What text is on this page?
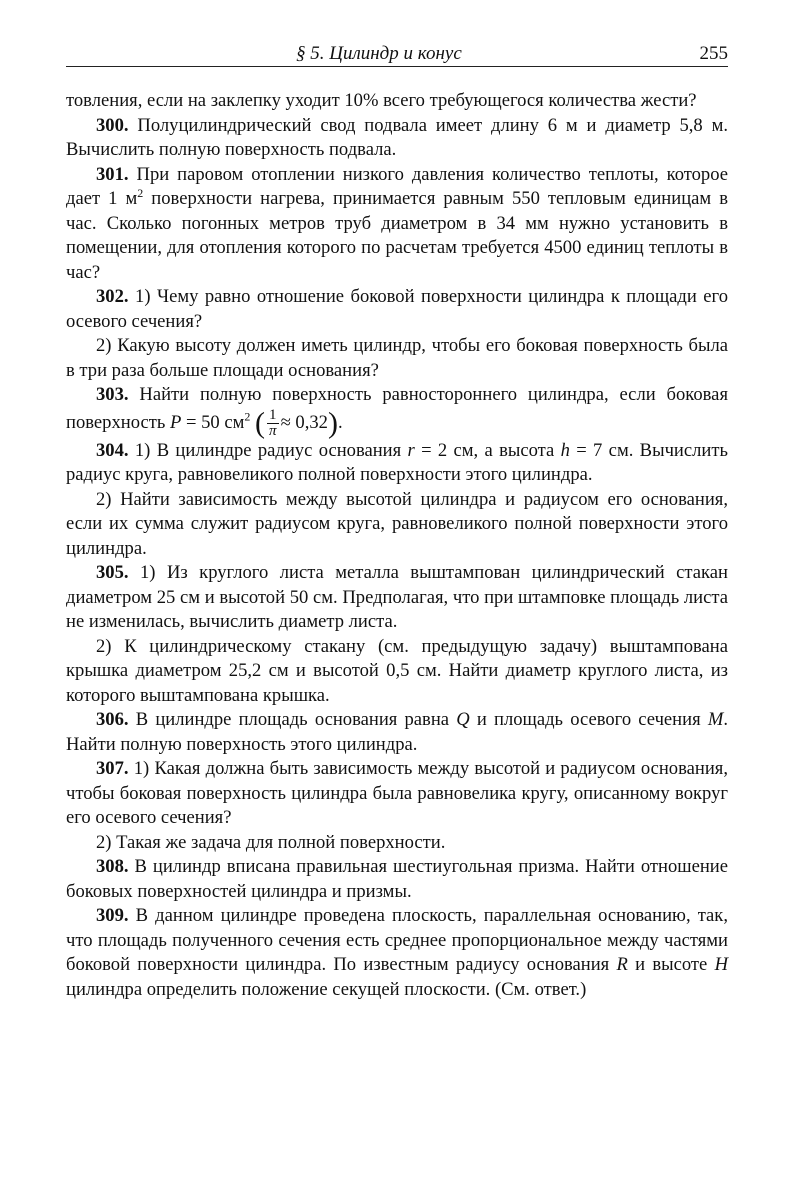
§ 5. Цилиндр и конус	255

товления, если на заклепку уходит 10% всего требующегося количества жести?

300. Полуцилиндрический свод подвала имеет длину 6 м и диаметр 5,8 м. Вычислить полную поверхность подвала.

301. При паровом отоплении низкого давления количество теплоты, которое дает 1 $м^2$ поверхности нагрева, принимается равным 550 тепловым единицам в час. Сколько погонных метров труб диаметром в 34 мм нужно установить в помещении, для отопления которого по расчетам требуется 4500 единиц теплоты в час?

302. 1) Чему равно отношение боковой поверхности цилиндра к площади его осевого сечения?

2) Какую высоту должен иметь цилиндр, чтобы его боковая поверхность была в три раза больше площади основания?

303. Найти полную поверхность равностороннего цилиндра, если боковая поверхность P = 50 $см^2$ ( $\frac{1}{\pi} \approx 0,32$).

304. 1) В цилиндре радиус основания r = 2 см, а высота h = 7 см. Вычислить радиус круга, равновеликого полной поверхности этого цилиндра.

2) Найти зависимость между высотой цилиндра и радиусом его основания, если их сумма служит радиусом круга, равновеликого полной поверхности этого цилиндра.

305. 1) Из круглого листа металла выштампован цилиндрический стакан диаметром 25 см и высотой 50 см. Предполагая, что при штамповке площадь листа не изменилась, вычислить диаметр листа.

2) К цилиндрическому стакану (см. предыдущую задачу) выштампована крышка диаметром 25,2 см и высотой 0,5 см. Найти диаметр круглого листа, из которого выштампована крышка.

306. В цилиндре площадь основания равна Q и площадь осевого сечения M. Найти полную поверхность этого цилиндра.

307. 1) Какая должна быть зависимость между высотой и радиусом основания, чтобы боковая поверхность цилиндра была равновелика кругу, описанному вокруг его осевого сечения?

2) Такая же задача для полной поверхности.

308. В цилиндр вписана правильная шестиугольная призма. Найти отношение боковых поверхностей цилиндра и призмы.

309. В данном цилиндре проведена плоскость, параллельная основанию, так, что площадь полученного сечения есть среднее пропорциональное между частями боковой поверхности цилиндра. По известным радиусу основания R и высоте H цилиндра определить положение секущей плоскости. (См. ответ.)
